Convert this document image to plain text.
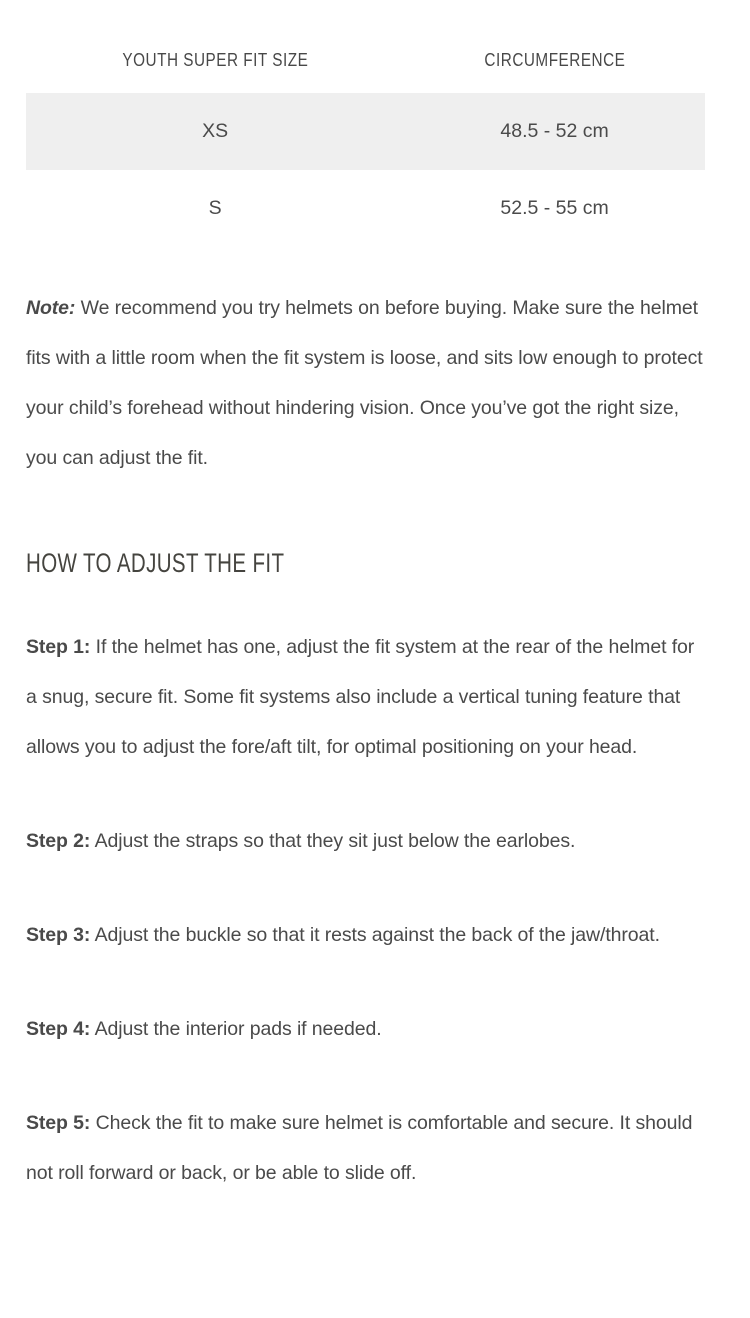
YOUTH SUPER FIT SIZE	CIRCUMFERENCE
XS	48.5 - 52 cm
S	52.5 - 55 cm

Note: We recommend you try helmets on before buying. Make sure the helmet fits with a little room when the fit system is loose, and sits low enough to protect your child’s forehead without hindering vision. Once you’ve got the right size, you can adjust the fit.

HOW TO ADJUST THE FIT

Step 1: If the helmet has one, adjust the fit system at the rear of the helmet for a snug, secure fit. Some fit systems also include a vertical tuning feature that allows you to adjust the fore/aft tilt, for optimal positioning on your head.

Step 2: Adjust the straps so that they sit just below the earlobes.

Step 3: Adjust the buckle so that it rests against the back of the jaw/throat.

Step 4: Adjust the interior pads if needed.

Step 5: Check the fit to make sure helmet is comfortable and secure. It should not roll forward or back, or be able to slide off.
